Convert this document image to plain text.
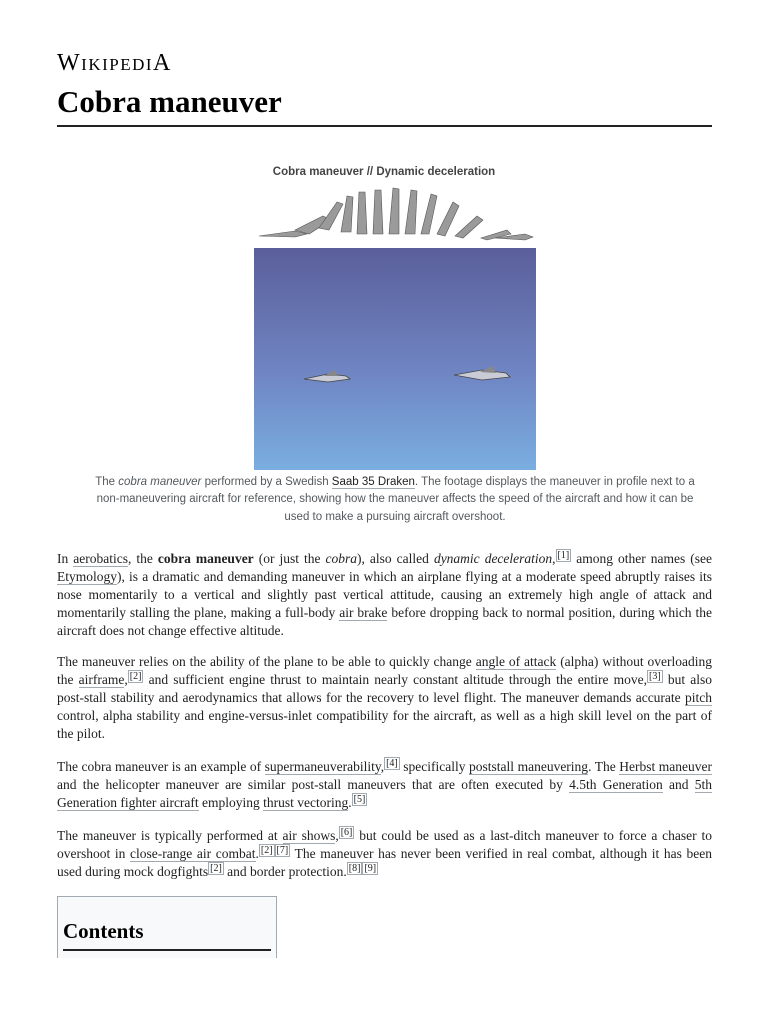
WIKIPEDIA
Cobra maneuver
Cobra maneuver // Dynamic deceleration
The cobra maneuver performed by a Swedish Saab 35 Draken. The footage displays the maneuver in profile next to a non-maneuvering aircraft for reference, showing how the maneuver affects the speed of the aircraft and how it can be used to make a pursuing aircraft overshoot.

In aerobatics, the cobra maneuver (or just the cobra), also called dynamic deceleration, [1] among other names (see Etymology), is a dramatic and demanding maneuver in which an airplane flying at a moderate speed abruptly raises its nose momentarily to a vertical and slightly past vertical attitude, causing an extremely high angle of attack and momentarily stalling the plane, making a full-body air brake before dropping back to normal position, during which the aircraft does not change effective altitude.

The maneuver relies on the ability of the plane to be able to quickly change angle of attack (alpha) without overloading the airframe, [2] and sufficient engine thrust to maintain nearly constant altitude through the entire move, [3] but also post-stall stability and aerodynamics that allows for the recovery to level flight. The maneuver demands accurate pitch control, alpha stability and engine-versus-inlet compatibility for the aircraft, as well as a high skill level on the part of the pilot.

The cobra maneuver is an example of supermaneuverability, [4] specifically poststall maneuvering. The Herbst maneuver and the helicopter maneuver are similar post-stall maneuvers that are often executed by 4.5th Generation and 5th Generation fighter aircraft employing thrust vectoring. [5]

The maneuver is typically performed at air shows, [6] but could be used as a last-ditch maneuver to force a chaser to overshoot in close-range air combat. [2] [7] The maneuver has never been verified in real combat, although it has been used during mock dogfights [2] and border protection. [8] [9]

Contents
